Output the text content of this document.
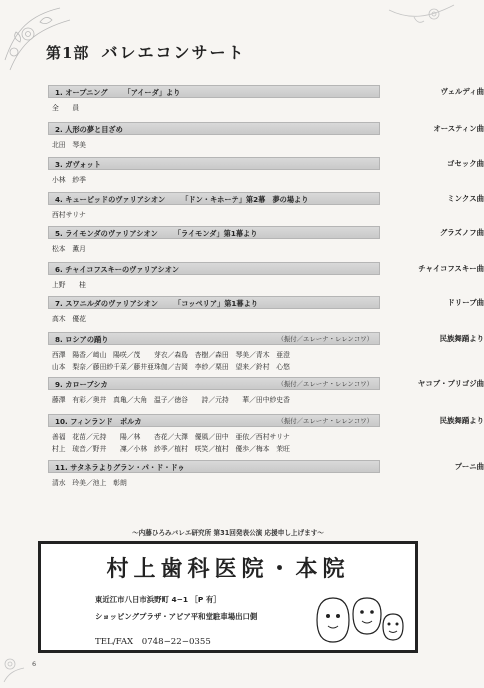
第1部 バレエコンサート
1. オープニング 「アイーダ」より	ヴェルディ曲
全　　員
2. 人形の夢と目ざめ	オースティン曲
北田　琴美
3. ガヴォット	ゴセック曲
小林　紗季
4. キューピッドのヴァリアシオン 「ドン・キホーテ」第2幕　夢の場より	ミンクス曲
西村サリナ
5. ライモンダのヴァリアシオン 「ライモンダ」第1幕より	グラズノフ曲
松本　薫月
6. チャイコフスキーのヴァリアシオン	チャイコフスキー曲
上野　　桂
7. スワニルダのヴァリアシオン 「コッペリア」第1幕より	ドリーブ曲
高木　優花
8. ロシアの踊り	（振付／エレーナ・レレンコワ）	民族舞踊より
西澤　陽香／﨑山　陽咲／茂　　芽衣／森島　杏樹／森田　琴美／青木　亜澄
山本　梨奈／藤田紗千菜／藤井亜珠伽／吉岡　李紗／栗田　望来／鈴村　心悠
9. カローブシカ	（振付／エレーナ・レレンコワ）	ヤコブ・プリゴジ曲
藤澤　有彩／奥井　真亀／大角　温子／徳谷　　詩／元持　　華／田中紗史香
10. フィンランド　ポルカ	（振付／エレーナ・レレンコワ）	民族舞踊より
善福　花苗／元持　　陽／林　　杏花／大澤　優風／田中　亜依／西村サリナ
村上　琉音／野井　　凜／小林　紗季／植村　咲笑／植村　優歩／梅本　茉旺
11. サタネラよりグラン・パ・ド・ドゥ	プーニ曲
清水　玲美／池上　彰朗
～内藤ひろみバレエ研究所 第31回発表公演 応援申し上げます～
村上歯科医院・本院
東近江市八日市浜野町 4−1 ［P 有］
ショッピングプラザ・アピア平和堂駐車場出口側
TEL/FAX　0748−22−0355
6
